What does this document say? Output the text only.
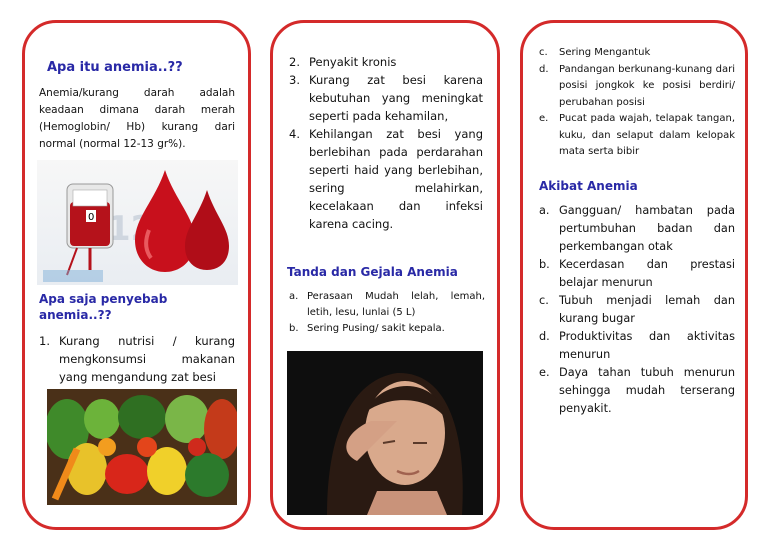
Apa itu anemia..??
Anemia/kurang darah adalah keadaan dimana darah merah (Hemoglobin/ Hb) kurang dari normal (normal 12-13 gr%).
0
Apa saja penyebab anemia..??
1. Kurang nutrisi / kurang mengkonsumsi makanan yang mengandung zat besi
2. Penyakit kronis
3. Kurang zat besi karena kebutuhan yang meningkat seperti pada kehamilan,
4. Kehilangan zat besi yang berlebihan pada perdarahan seperti haid yang berlebihan, sering melahirkan, kecelakaan dan infeksi karena cacing.
Tanda dan Gejala Anemia
a. Perasaan Mudah lelah, lemah, letih, lesu, lunlai (5 L)
b. Sering Pusing/ sakit kepala.
c. Sering Mengantuk
d. Pandangan berkunang-kunang dari posisi jongkok ke posisi berdiri/ perubahan posisi
e. Pucat pada wajah, telapak tangan, kuku, dan selaput dalam kelopak mata serta bibir
Akibat Anemia
a. Gangguan/ hambatan pada pertumbuhan badan dan perkembangan otak
b. Kecerdasan dan prestasi belajar menurun
c. Tubuh menjadi lemah dan kurang bugar
d. Produktivitas dan aktivitas menurun
e. Daya tahan tubuh menurun sehingga mudah terserang penyakit.
